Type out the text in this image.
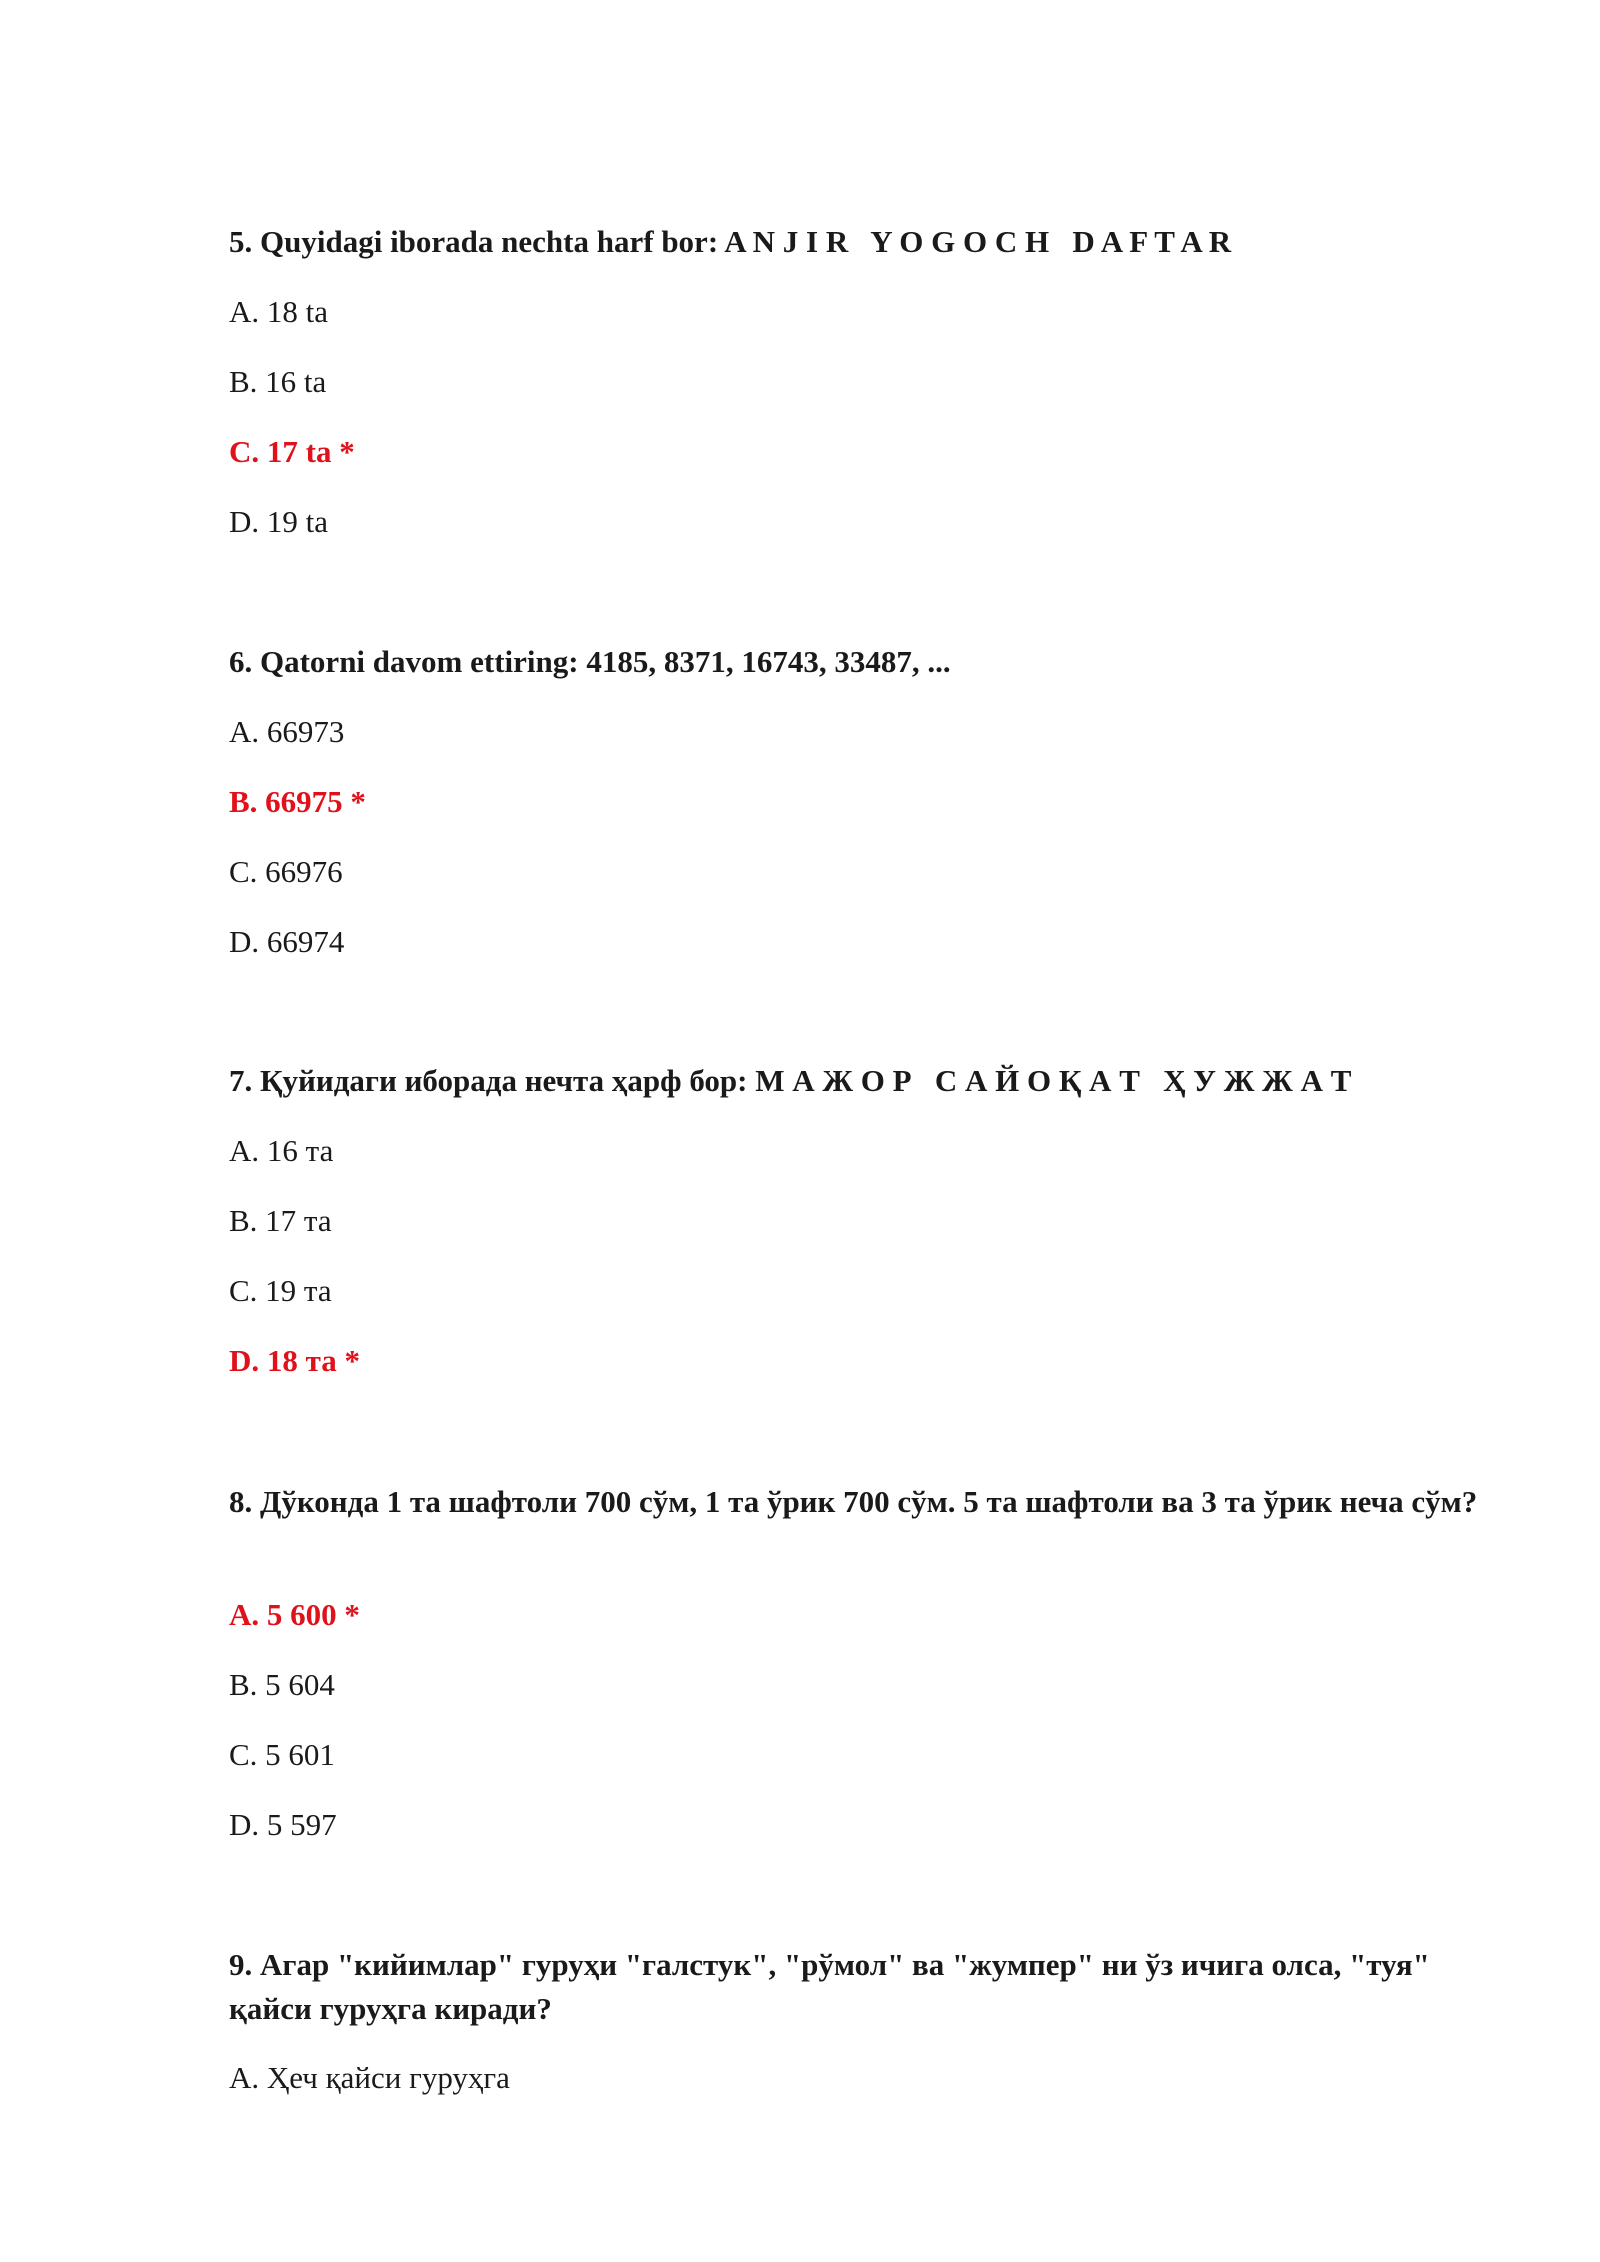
5. Quyidagi iborada nechta harf bor: A N J I R   Y O G O C H   D A F T A R

A. 18 ta

B. 16 ta

C. 17 ta *

D. 19 ta

6. Qatorni davom ettiring: 4185, 8371, 16743, 33487, ...

A. 66973

B. 66975 *

C. 66976

D. 66974

7. Қуйидаги иборада нечта ҳарф бор: М А Ж О Р   С А Й О Қ А Т   Ҳ У Ж Ж А Т

A. 16 та

B. 17 та

C. 19 та

D. 18 та *

8. Дўконда 1 та шафтоли 700 сўм, 1 та ўрик 700 сўм. 5 та шафтоли ва 3 та ўрик неча сўм?

A. 5 600 *

B. 5 604

C. 5 601

D. 5 597

9. Агар "кийимлар" гуруҳи "галстук", "рўмол" ва "жумпер" ни ўз ичига олса, "туя" қайси гуруҳга киради?

A. Ҳеч қайси гуруҳга
